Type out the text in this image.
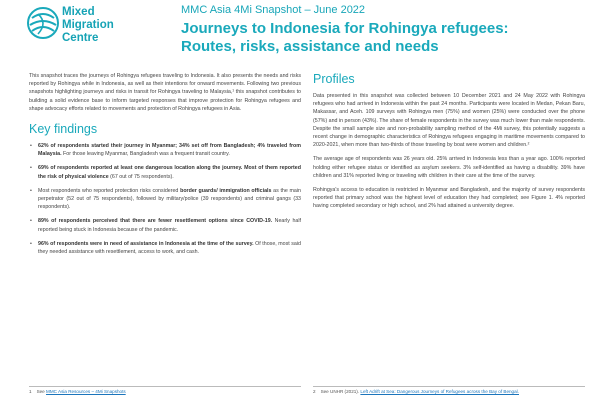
Mixed
Migration
Centre
MMC Asia 4Mi Snapshot – June 2022
Journeys to Indonesia for Rohingya refugees:
Routes, risks, assistance and needs

This snapshot traces the journeys of Rohingya refugees traveling to Indonesia. It also presents the needs and risks reported by Rohingya while in Indonesia, as well as their intentions for onward movements. Following two previous snapshots highlighting journeys and risks in transit for Rohingya traveling to Malaysia,¹ this snapshot contributes to building a solid evidence base to inform targeted responses that improve protection for Rohingya refugees and shape advocacy efforts related to movements and protection of Rohingya refugees in Asia.

Key findings
• 62% of respondents started their journey in Myanmar; 34% set off from Bangladesh; 4% traveled from Malaysia. For those leaving Myanmar, Bangladesh was a frequent transit country.
• 69% of respondents reported at least one dangerous location along the journey. Most of them reported the risk of physical violence (67 out of 75 respondents).
• Most respondents who reported protection risks considered border guards/ immigration officials as the main perpetrator (52 out of 75 respondents), followed by military/police (39 respondents) and criminal gangs (33 respondents).
• 89% of respondents perceived that there are fewer resettlement options since COVID-19. Nearly half reported being stuck in Indonesia because of the pandemic.
• 96% of respondents were in need of assistance in Indonesia at the time of the survey. Of those, most said they needed assistance with resettlement, access to work, and cash.
Profiles

Data presented in this snapshot was collected between 10 December 2021 and 24 May 2022 with Rohingya refugees who had arrived in Indonesia within the past 24 months. Participants were located in Medan, Pekan Baru, Makassar, and Aceh. 109 surveys with Rohingya men (75%) and women (25%) were conducted over the phone (57%) and in person (43%). The share of female respondents in the survey was much lower than male respondents. Despite the small sample size and non-probability sampling method of the 4Mi survey, this potentially suggests a recent change in demographic characteristics of Rohingya refugees engaging in maritime movements compared to 2020-2021, when more than two-thirds of those traveling by boat were women and children.²

The average age of respondents was 26 years old. 25% arrived in Indonesia less than a year ago. 100% reported holding either refugee status or identified as asylum seekers. 3% self-identified as having a disability. 39% have children and 31% reported living or traveling with children in their care at the time of the survey.

Rohingya's access to education is restricted in Myanmar and Bangladesh, and the majority of survey respondents reported that primary school was the highest level of education they had completed; see Figure 1. 4% reported having completed secondary or high school, and 2% had attained a university degree.

1 See MMC Asia Resources – 4Mi Snapshots	2 See UNHR (2021). Left Adrift at Sea: Dangerous Journeys of Refugees across the Bay of Bengal.
